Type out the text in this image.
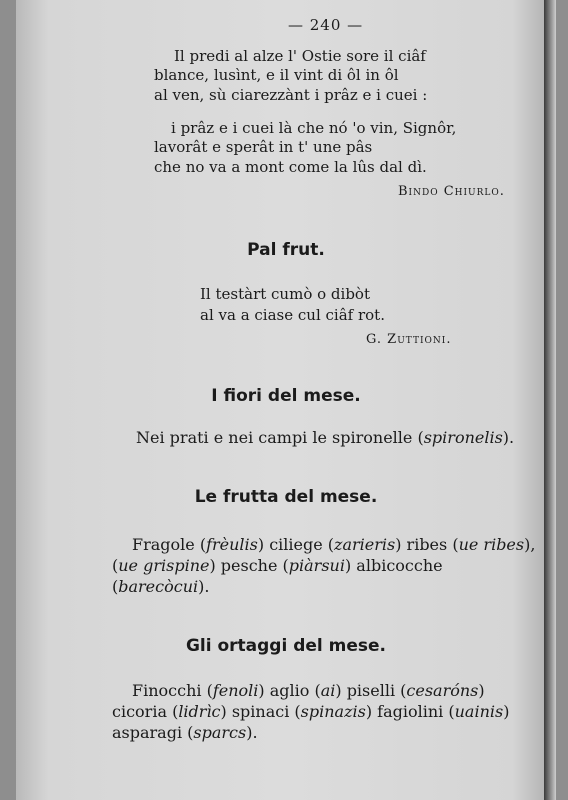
— 240 —
Il predi al alze l' Ostie sore il ciâf
blance, lusìnt, e il vint di ôl in ôl
al ven, sù ciarezzànt i prâz e i cuei :
i prâz e i cuei là che nó 'o vin, Signôr,
lavorât e sperât in t' une pâs
che no va a mont come la lûs dal dì.
Bindo Chiurlo.
Pal frut.
Il testàrt cumò o dibòt
al va a ciase cul ciâf rot.
G. Zuttioni.
I fiori del mese.
Nei prati e nei campi le spironelle (spironelis).
Le frutta del mese.
Fragole (frèulis) ciliege (zarieris) ribes (ue ribes), (ue grispine) pesche (piàrsui) albicocche (barecòcui).
Gli ortaggi del mese.
Finocchi (fenoli) aglio (ai) piselli (cesaróns) cicoria (lidrìc) spinaci (spinazis) fagiolini (uainis) asparagi (sparcs).
